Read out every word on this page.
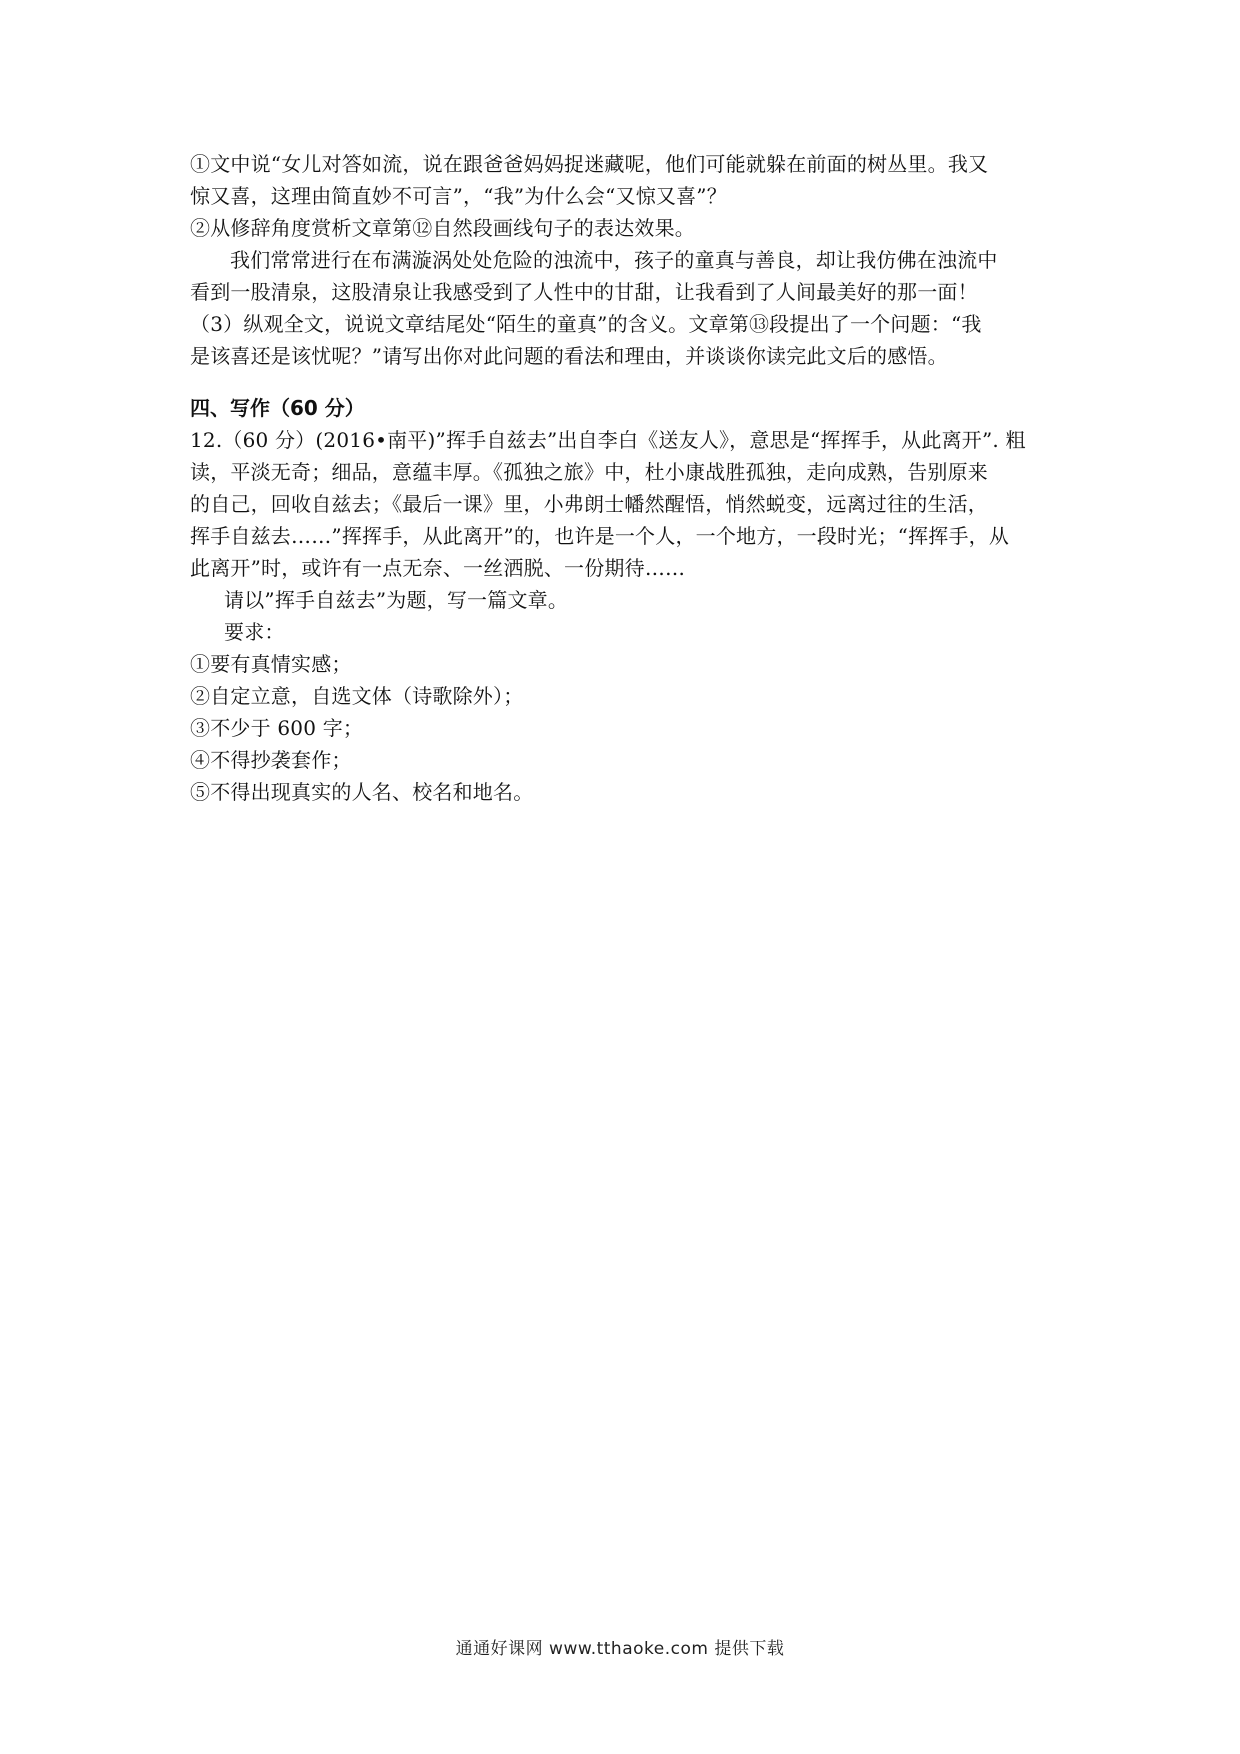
①文中说“女儿对答如流，说在跟爸爸妈妈捉迷藏呢，他们可能就躲在前面的树丛里。我又
惊又喜，这理由简直妙不可言”，“我”为什么会“又惊又喜”？
②从修辞角度赏析文章第⑫自然段画线句子的表达效果。
我们常常进行在布满漩涡处处危险的浊流中，孩子的童真与善良，却让我仿佛在浊流中
看到一股清泉，这股清泉让我感受到了人性中的甘甜，让我看到了人间最美好的那一面！
（3）纵观全文，说说文章结尾处“陌生的童真”的含义。文章第⑬段提出了一个问题：“我
是该喜还是该忧呢？”请写出你对此问题的看法和理由，并谈谈你读完此文后的感悟。
四、写作（60 分）
12.（60 分）(2016•南平)”挥手自兹去”出自李白《送友人》，意思是“挥挥手，从此离开”. 粗
读，平淡无奇；细品，意蕴丰厚。《孤独之旅》中，杜小康战胜孤独，走向成熟，告别原来
的自己，回收自兹去；《最后一课》里，小弗朗士幡然醒悟，悄然蜕变，远离过往的生活，
挥手自兹去……”挥挥手，从此离开”的，也许是一个人，一个地方，一段时光；“挥挥手，从
此离开”时，或许有一点无奈、一丝洒脱、一份期待……
请以”挥手自兹去”为题，写一篇文章。
要求：
①要有真情实感；
②自定立意，自选文体（诗歌除外）；
③不少于 600 字；
④不得抄袭套作；
⑤不得出现真实的人名、校名和地名。
通通好课网 www.tthaoke.com 提供下载
